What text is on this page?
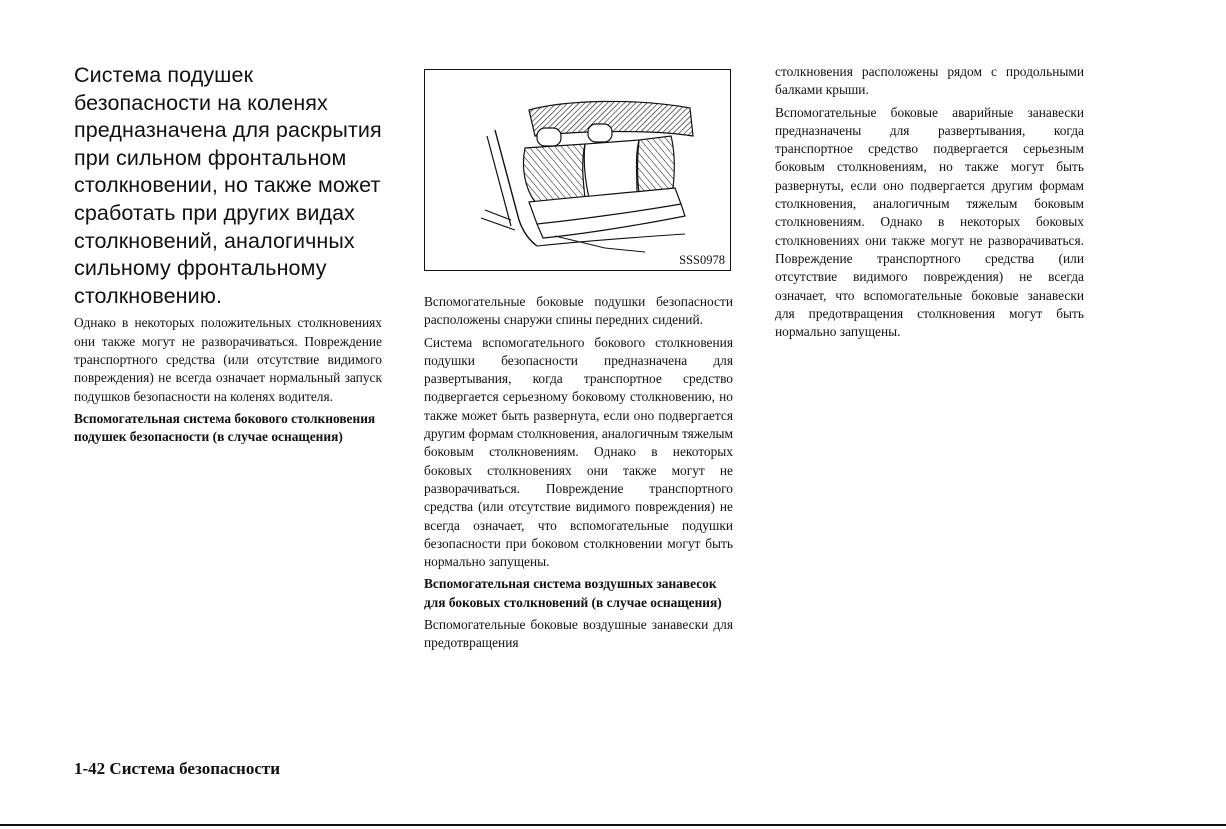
Система подушек безопасности на коленях предназначена для раскрытия при сильном фронтальном столкновении, но также может сработать при других видах столкновений, аналогичных сильному фронтальному столкновению.

Однако в некоторых положительных столкновениях они также могут не разворачиваться. Повреждение транспортного средства (или отсутствие видимого повреждения) не всегда означает нормальный запуск подушков безопасности на коленях водителя.

Вспомогательная система бокового столкновения подушек безопасности (в случае оснащения)
SSS0978

Вспомогательные боковые подушки безопасности расположены снаружи спины передних сидений.

Система вспомогательного бокового столкновения подушки безопасности предназначена для развертывания, когда транспортное средство подвергается серьезному боковому столкновению, но также может быть развернута, если оно подвергается другим формам столкновения, аналогичным тяжелым боковым столкновениям. Однако в некоторых боковых столкновениях они также могут не разворачиваться. Повреждение транспортного средства (или отсутствие видимого повреждения) не всегда означает, что вспомогательные подушки безопасности при боковом столкновении могут быть нормально запущены.

Вспомогательная система воздушных занавесок для боковых столкновений (в случае оснащения)

Вспомогательные боковые воздушные занавески для предотвращения

столкновения расположены рядом с продольными балками крыши.

Вспомогательные боковые аварийные занавески предназначены для развертывания, когда транспортное средство подвергается серьезным боковым столкновениям, но также могут быть развернуты, если оно подвергается другим формам столкновения, аналогичным тяжелым боковым столкновениям. Однако в некоторых боковых столкновениях они также могут не разворачиваться. Повреждение транспортного средства (или отсутствие видимого повреждения) не всегда означает, что вспомогательные боковые занавески для предотвращения столкновения могут быть нормально запущены.

1-42 Система безопасности
